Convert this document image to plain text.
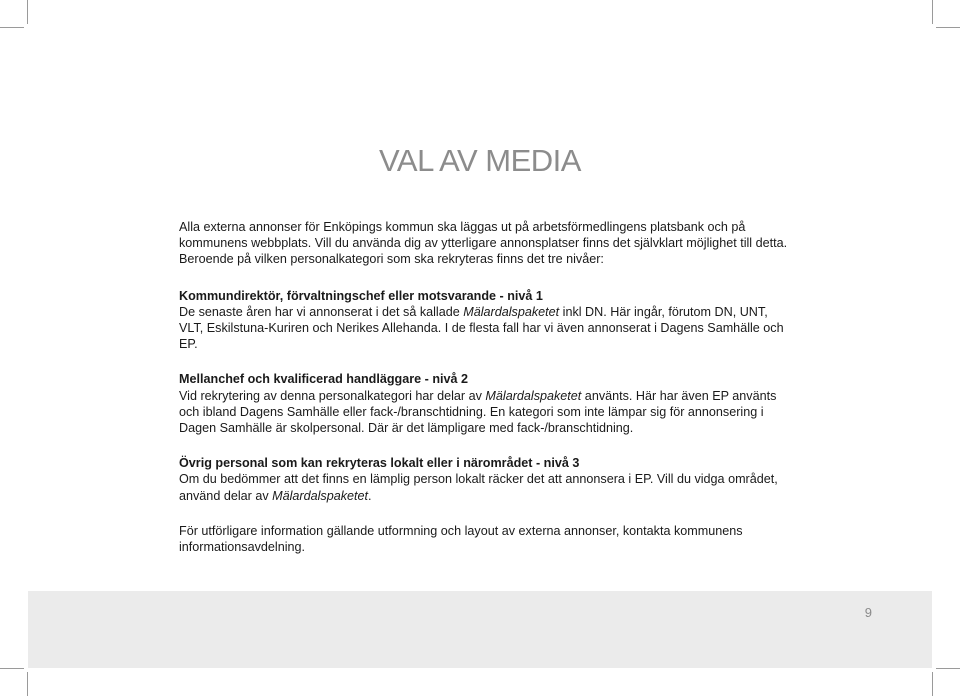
VAL AV MEDIA

Alla externa annonser för Enköpings kommun ska läggas ut på arbetsförmedlingens platsbank och på kommunens webbplats. Vill du använda dig av ytterligare annonsplatser finns det självklart möjlighet till detta. Beroende på vilken personalkategori som ska rekryteras finns det tre nivåer:

Kommundirektör, förvaltningschef eller motsvarande - nivå 1

De senaste åren har vi annonserat i det så kallade Mälardalspaketet inkl DN. Här ingår, förutom DN, UNT, VLT, Eskilstuna-Kuriren och Nerikes Allehanda. I de flesta fall har vi även annonserat i Dagens Samhälle och EP.

Mellanchef och kvalificerad handläggare - nivå 2

Vid rekrytering av denna personalkategori har delar av Mälardalspaketet använts. Här har även EP använts och ibland Dagens Samhälle eller fack-/branschtidning. En kategori som inte lämpar sig för annonsering i Dagen Samhälle är skolpersonal. Där är det lämpligare med fack-/branschtidning.

Övrig personal som kan rekryteras lokalt eller i närområdet - nivå 3

Om du bedömmer att det finns en lämplig person lokalt räcker det att annonsera i EP. Vill du vidga området, använd delar av Mälardalspaketet.

För utförligare information gällande utformning och layout av externa annonser, kontakta kommunens informationsavdelning.

9
